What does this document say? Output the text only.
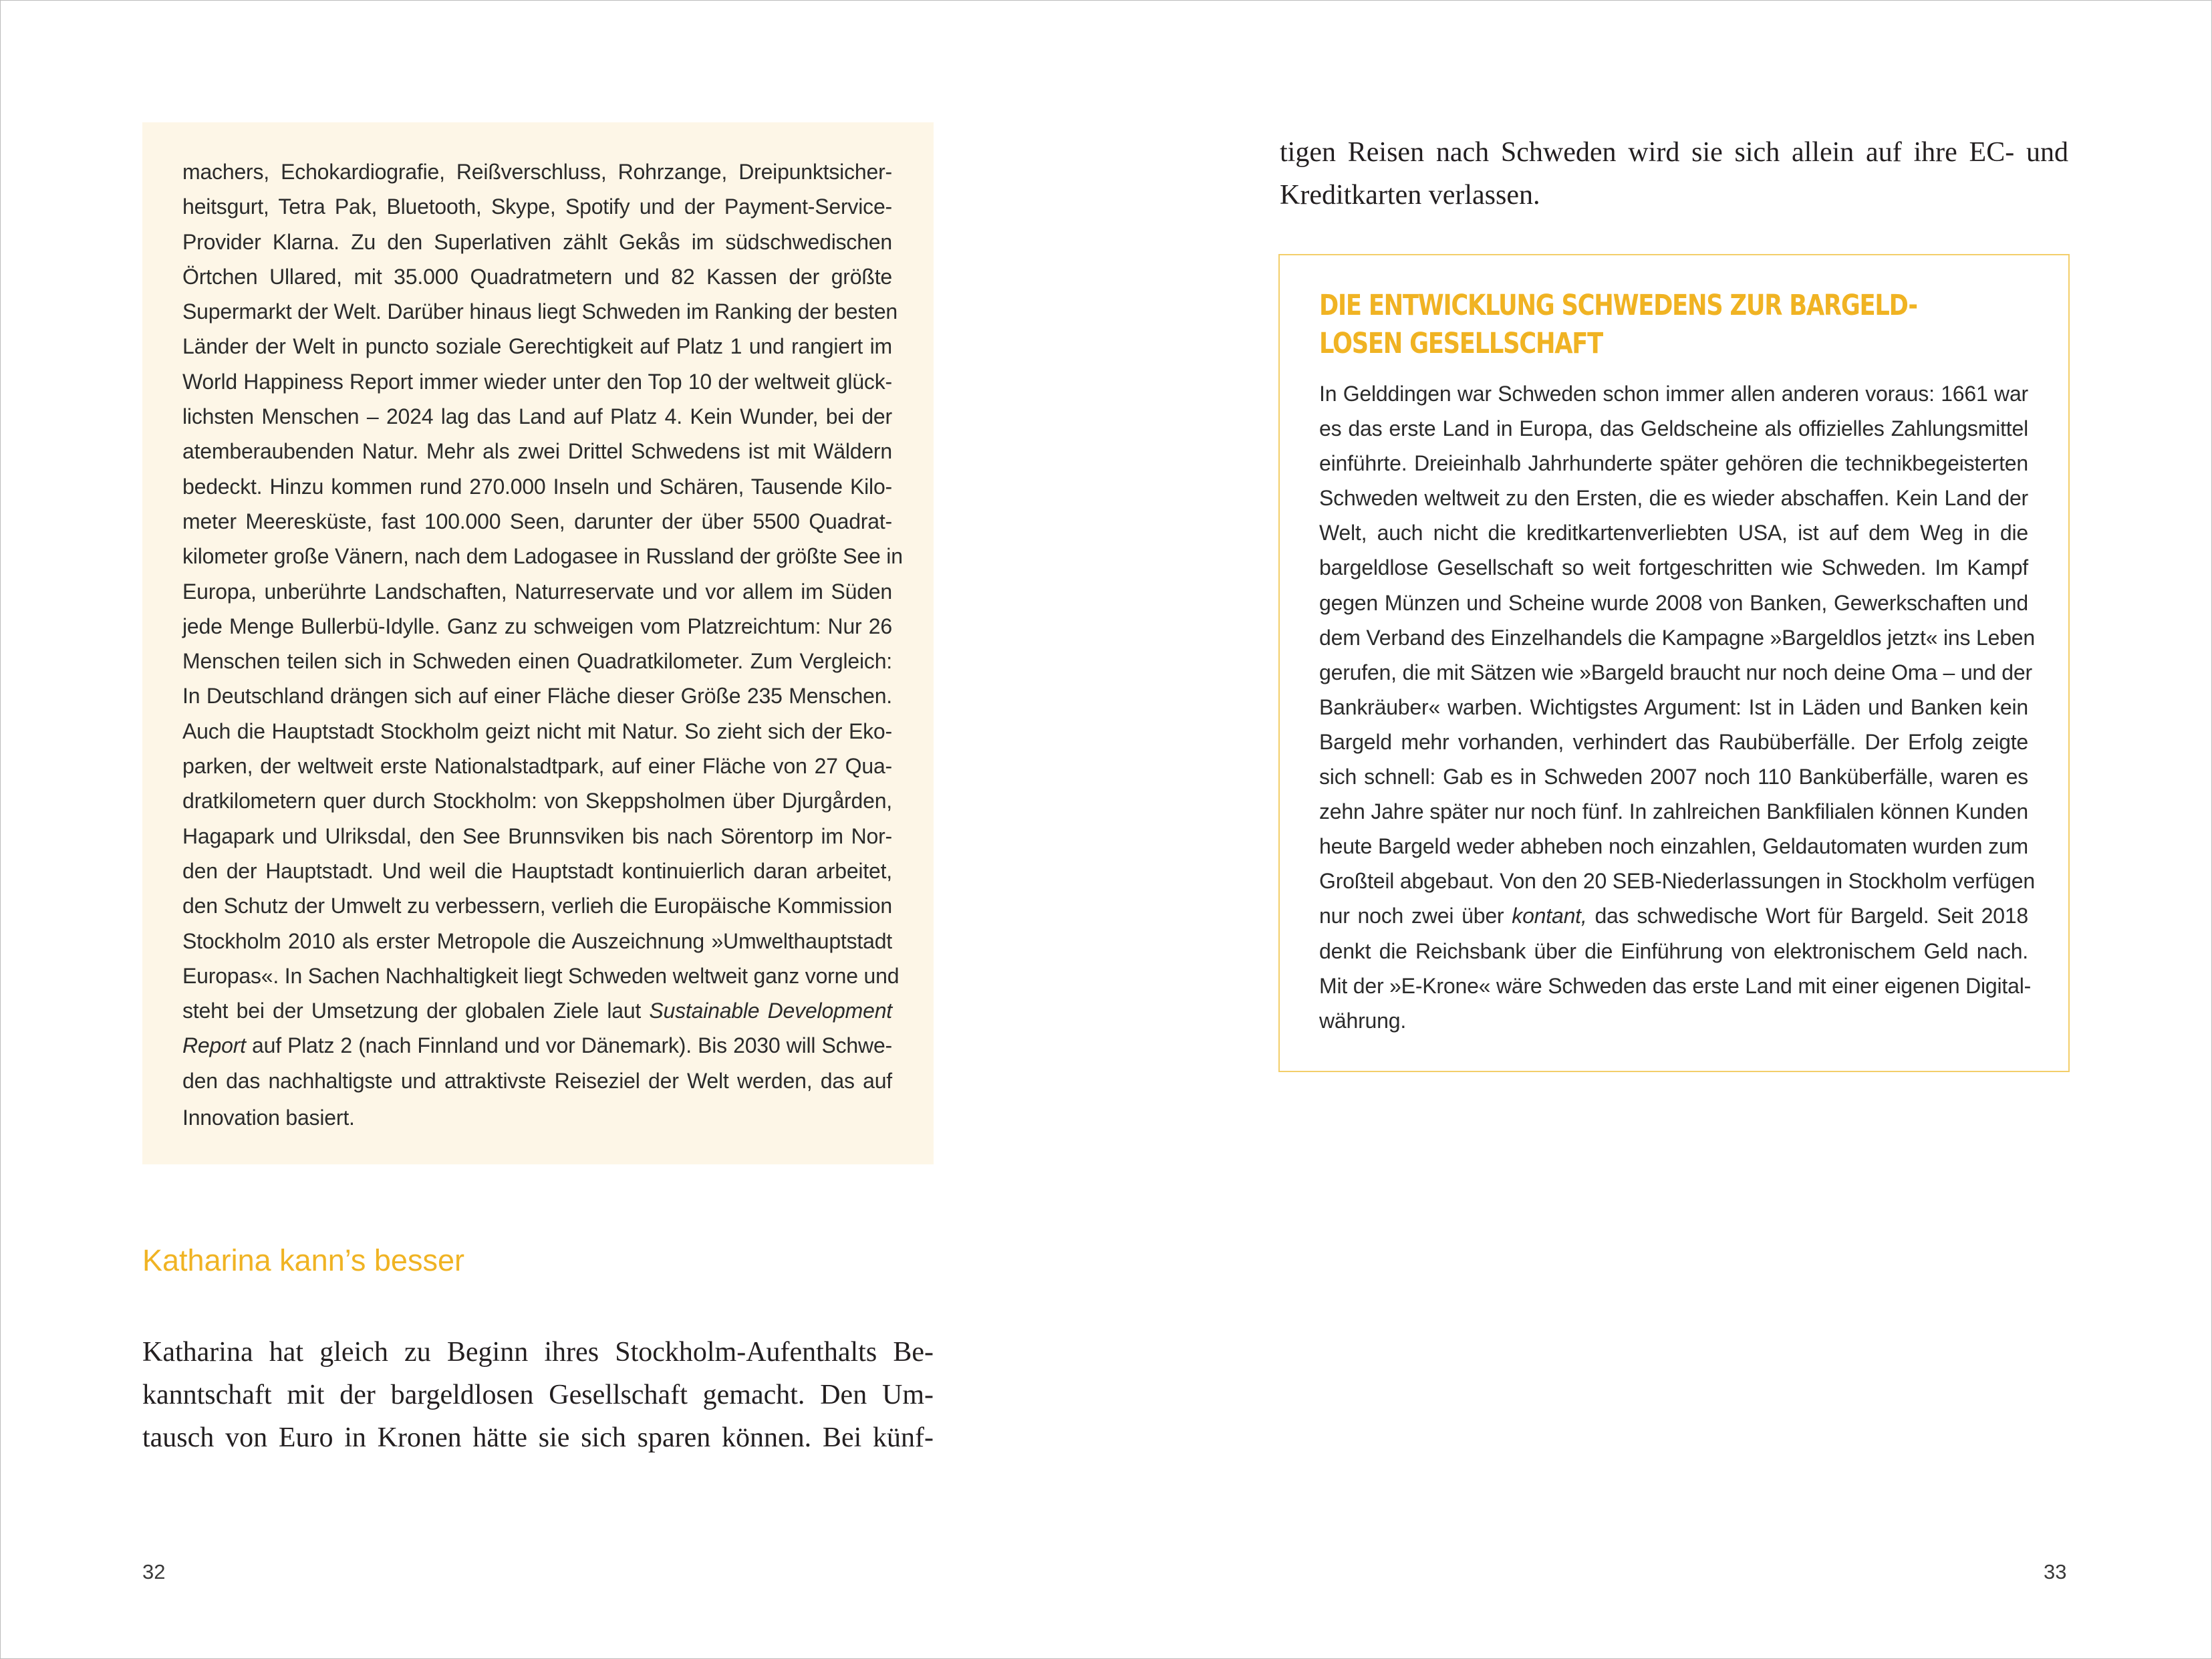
machers, Echokardiografie, Reißverschluss, Rohrzange, Dreipunktsicher-
heitsgurt, Tetra Pak, Bluetooth, Skype, Spotify und der Payment-Service-
Provider Klarna. Zu den Superlativen zählt Gekås im südschwedischen
Örtchen Ullared, mit 35.000 Quadratmetern und 82 Kassen der größte
Supermarkt der Welt. Darüber hinaus liegt Schweden im Ranking der besten
Länder der Welt in puncto soziale Gerechtigkeit auf Platz 1 und rangiert im
World Happiness Report immer wieder unter den Top 10 der weltweit glück-
lichsten Menschen – 2024 lag das Land auf Platz 4. Kein Wunder, bei der
atemberaubenden Natur. Mehr als zwei Drittel Schwedens ist mit Wäldern
bedeckt. Hinzu kommen rund 270.000 Inseln und Schären, Tausende Kilo-
meter Meeresküste, fast 100.000 Seen, darunter der über 5500 Quadrat-
kilometer große Vänern, nach dem Ladogasee in Russland der größte See in
Europa, unberührte Landschaften, Naturreservate und vor allem im Süden
jede Menge Bullerbü-Idylle. Ganz zu schweigen vom Platzreichtum: Nur 26
Menschen teilen sich in Schweden einen Quadratkilometer. Zum Vergleich:
In Deutschland drängen sich auf einer Fläche dieser Größe 235 Menschen.
Auch die Hauptstadt Stockholm geizt nicht mit Natur. So zieht sich der Eko-
parken, der weltweit erste Nationalstadtpark, auf einer Fläche von 27 Qua-
dratkilometern quer durch Stockholm: von Skeppsholmen über Djurgården,
Hagapark und Ulriksdal, den See Brunnsviken bis nach Sörentorp im Nor-
den der Hauptstadt. Und weil die Hauptstadt kontinuierlich daran arbeitet,
den Schutz der Umwelt zu verbessern, verlieh die Europäische Kommission
Stockholm 2010 als erster Metropole die Auszeichnung »Umwelthauptstadt
Europas«. In Sachen Nachhaltigkeit liegt Schweden weltweit ganz vorne und
steht bei der Umsetzung der globalen Ziele laut Sustainable Development
Report auf Platz 2 (nach Finnland und vor Dänemark). Bis 2030 will Schwe-
den das nachhaltigste und attraktivste Reiseziel der Welt werden, das auf
Innovation basiert.
Katharina kann’s besser
Katharina hat gleich zu Beginn ihres Stockholm-Aufenthalts Be-
kanntschaft mit der bargeldlosen Gesellschaft gemacht. Den Um-
tausch von Euro in Kronen hätte sie sich sparen können. Bei künf-

32

tigen Reisen nach Schweden wird sie sich allein auf ihre EC- und
Kreditkarten verlassen.
DIE ENTWICKLUNG SCHWEDENS ZUR BARGELD-
LOSEN GESELLSCHAFT
In Gelddingen war Schweden schon immer allen anderen voraus: 1661 war
es das erste Land in Europa, das Geldscheine als offizielles Zahlungsmittel
einführte. Dreieinhalb Jahrhunderte später gehören die technikbegeisterten
Schweden weltweit zu den Ersten, die es wieder abschaffen. Kein Land der
Welt, auch nicht die kreditkartenverliebten USA, ist auf dem Weg in die
bargeldlose Gesellschaft so weit fortgeschritten wie Schweden. Im Kampf
gegen Münzen und Scheine wurde 2008 von Banken, Gewerkschaften und
dem Verband des Einzelhandels die Kampagne »Bargeldlos jetzt« ins Leben
gerufen, die mit Sätzen wie »Bargeld braucht nur noch deine Oma – und der
Bankräuber« warben. Wichtigstes Argument: Ist in Läden und Banken kein
Bargeld mehr vorhanden, verhindert das Raubüberfälle. Der Erfolg zeigte
sich schnell: Gab es in Schweden 2007 noch 110 Banküberfälle, waren es
zehn Jahre später nur noch fünf. In zahlreichen Bankfilialen können Kunden
heute Bargeld weder abheben noch einzahlen, Geldautomaten wurden zum
Großteil abgebaut. Von den 20 SEB-Niederlassungen in Stockholm verfügen
nur noch zwei über kontant, das schwedische Wort für Bargeld. Seit 2018
denkt die Reichsbank über die Einführung von elektronischem Geld nach.
Mit der »E-Krone« wäre Schweden das erste Land mit einer eigenen Digital-
währung.

33
